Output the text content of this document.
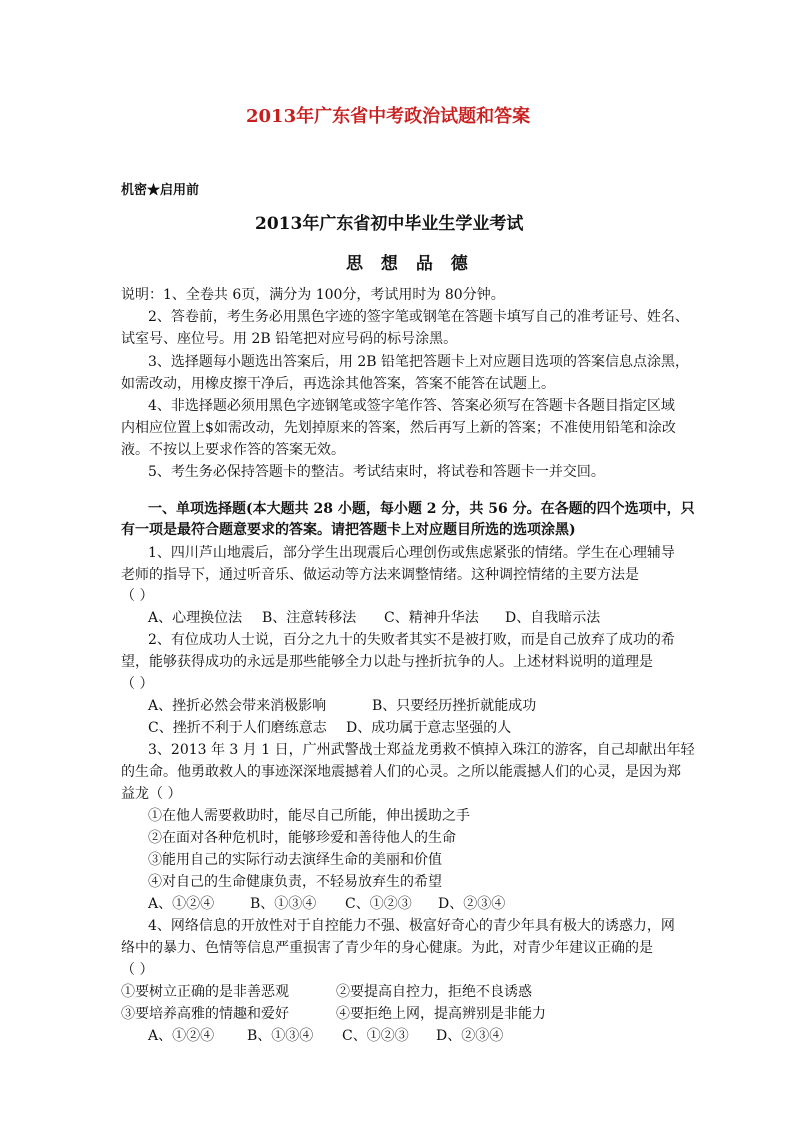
2013年广东省中考政治试题和答案
机密★启用前
2013年广东省初中毕业生学业考试
思 想 品 德
说明：1、全卷共 6页，满分为 100分，考试用时为 80分钟。
2、答卷前，考生务必用黑色字迹的签字笔或钢笔在答题卡填写自己的准考证号、姓名、
试室号、座位号。用 2B 铅笔把对应号码的标号涂黑。
3、选择题每小题选出答案后，用 2B 铅笔把答题卡上对应题目选项的答案信息点涂黑，
如需改动，用橡皮擦干净后，再选涂其他答案，答案不能答在试题上。
4、非选择题必须用黑色字迹钢笔或签字笔作答、答案必须写在答题卡各题目指定区域
内相应位置上$如需改动，先划掉原来的答案，然后再写上新的答案；不准使用铅笔和涂改
液。不按以上要求作答的答案无效。
5、考生务必保持答题卡的整洁。考试结束时，将试卷和答题卡一并交回。
一、单项选择题(本大题共 28 小题，每小题 2 分，共 56 分。在各题的四个选项中，只
有一项是最符合题意要求的答案。请把答题卡上对应题目所选的选项涂黑)
1、四川芦山地震后，部分学生出现震后心理创伤或焦虑紧张的情绪。学生在心理辅导
老师的指导下，通过听音乐、做运动等方法来调整情绪。这种调控情绪的主要方法是
（ ）
A、心理换位法 B、注意转移法 C、精神升华法 D、自我暗示法
2、有位成功人士说，百分之九十的失败者其实不是被打败，而是自己放弃了成功的希
望，能够获得成功的永远是那些能够全力以赴与挫折抗争的人。上述材料说明的道理是
（ ）
A、挫折必然会带来消极影响	B、只要经历挫折就能成功
C、挫折不利于人们磨练意志 D、成功属于意志坚强的人
3、2013 年 3 月 1 日，广州武警战士郑益龙勇救不慎掉入珠江的游客，自己却献出年轻
的生命。他勇敢救人的事迹深深地震撼着人们的心灵。之所以能震撼人们的心灵，是因为郑
益龙（ ）
①在他人需要救助时，能尽自己所能，伸出援助之手
②在面对各种危机时，能够珍爱和善待他人的生命
③能用自己的实际行动去演绎生命的美丽和价值
④对自己的生命健康负责，不轻易放弃生的希望
A、①②④	B、①③④ C、①②③ D、②③④
4、网络信息的开放性对于自控能力不强、极富好奇心的青少年具有极大的诱惑力，网
络中的暴力、色情等信息严重损害了青少年的身心健康。为此，对青少年建议正确的是
（ ）
①要树立正确的是非善恶观	②要提高自控力，拒绝不良诱惑
③要培养高雅的情趣和爱好	④要拒绝上网，提高辨别是非能力
A、①②④ B、①③④ C、①②③ D、②③④
